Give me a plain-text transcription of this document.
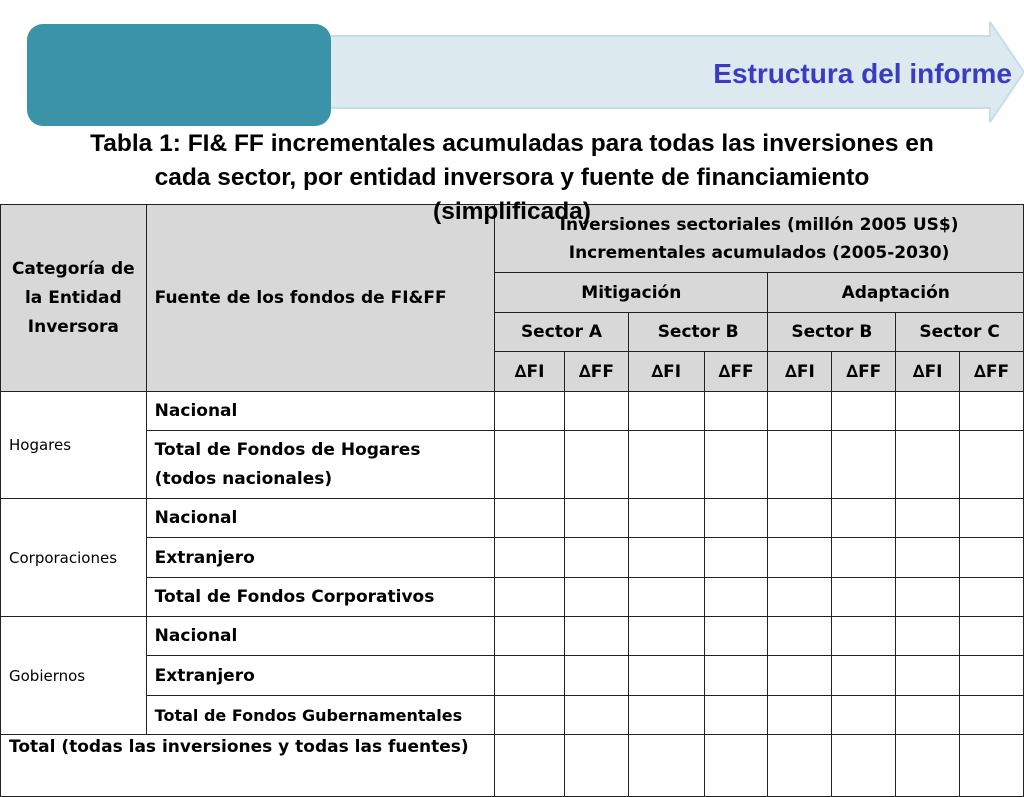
Estructura del informe
Tabla 1: FI& FF incrementales acumuladas para todas las inversiones en
cada sector, por entidad inversora y fuente de financiamiento
(simplificada)
Categoría de la Entidad Inversora	Fuente de los fondos de FI&FF	Inversiones sectoriales (millón 2005 US$)
Incrementales acumulados (2005-2030)							

		Mitigación				Adaptación			
		Sector A		Sector B		Sector B		Sector C	
		∆FI	∆FF	∆FI	∆FF	∆FI	∆FF	∆FI	∆FF
Hogares	Nacional								
	Total de Fondos de Hogares (todos nacionales)								
Corporaciones	Nacional								
	Extranjero								
	Total de Fondos Corporativos								
Gobiernos	Nacional								
	Extranjero								
	Total de Fondos Gubernamentales								
Total (todas las inversiones y todas las fuentes)									
